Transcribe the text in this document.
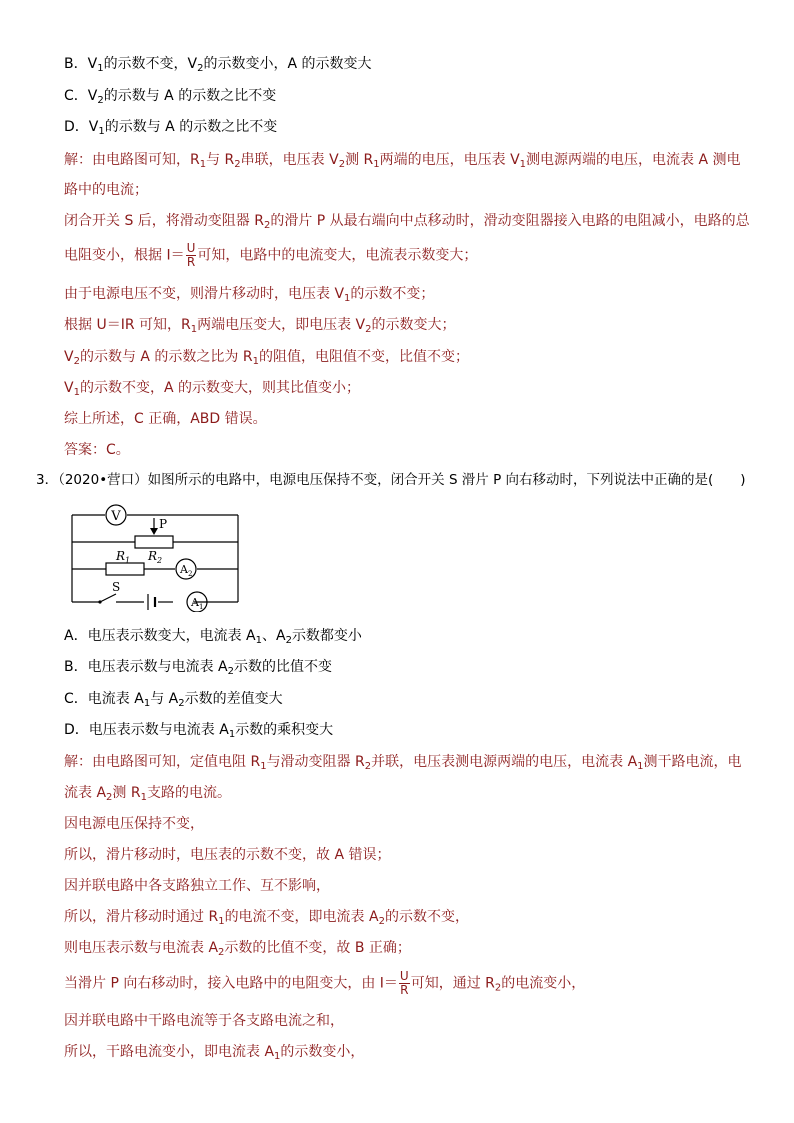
B．$V_1$的示数不变，$V_2$的示数变小，A 的示数变大
C．$V_2$的示数与 A 的示数之比不变
D．$V_1$的示数与 A 的示数之比不变
解：由电路图可知，$R_1$与 $R_2$串联，电压表 $V_2$测 $R_1$两端的电压，电压表 $V_1$测电源两端的电压，电流表 A 测电
路中的电流；
闭合开关 S 后，将滑动变阻器 $R_2$的滑片 P 从最右端向中点移动时，滑动变阻器接入电路的电阻减小，电路的总
电阻变小，根据 $I= \frac{U}{R}$ 可知，电路中的电流变大，电流表示数变大；
由于电源电压不变，则滑片移动时，电压表 $V_1$的示数不变；
根据 U＝IR 可知，$R_1$两端电压变大，即电压表 $V_2$的示数变大；
$V_2$的示数与 A 的示数之比为 $R_1$的阻值，电阻值不变，比值不变；
$V_1$的示数不变，A 的示数变大，则其比值变小；
综上所述，C 正确，ABD 错误。
答案：C。
3．（2020•营口）如图所示的电路中，电源电压保持不变，闭合开关 S 滑片 P 向右移动时，下列说法中正确的是(　　)
V	P
$R_1$ $R_2$
$A_2$
S
$A_1$
A．电压表示数变大，电流表 $A_1$、$A_2$示数都变小
B．电压表示数与电流表 $A_2$示数的比值不变
C．电流表 $A_1$与 $A_2$示数的差值变大
D．电压表示数与电流表 $A_1$示数的乘积变大
解：由电路图可知，定值电阻 $R_1$与滑动变阻器 $R_2$并联，电压表测电源两端的电压，电流表 $A_1$测干路电流，电
流表 $A_2$测 $R_1$支路的电流。
因电源电压保持不变，
所以，滑片移动时，电压表的示数不变，故 A 错误；
因并联电路中各支路独立工作、互不影响，
所以，滑片移动时通过 $R_1$的电流不变，即电流表 $A_2$的示数不变，
则电压表示数与电流表 $A_2$示数的比值不变，故 B 正确；
当滑片 P 向右移动时，接入电路中的电阻变大，由 $I= \frac{U}{R}$ 可知，通过 $R_2$的电流变小，
因并联电路中干路电流等于各支路电流之和，
所以，干路电流变小，即电流表 $A_1$的示数变小，
